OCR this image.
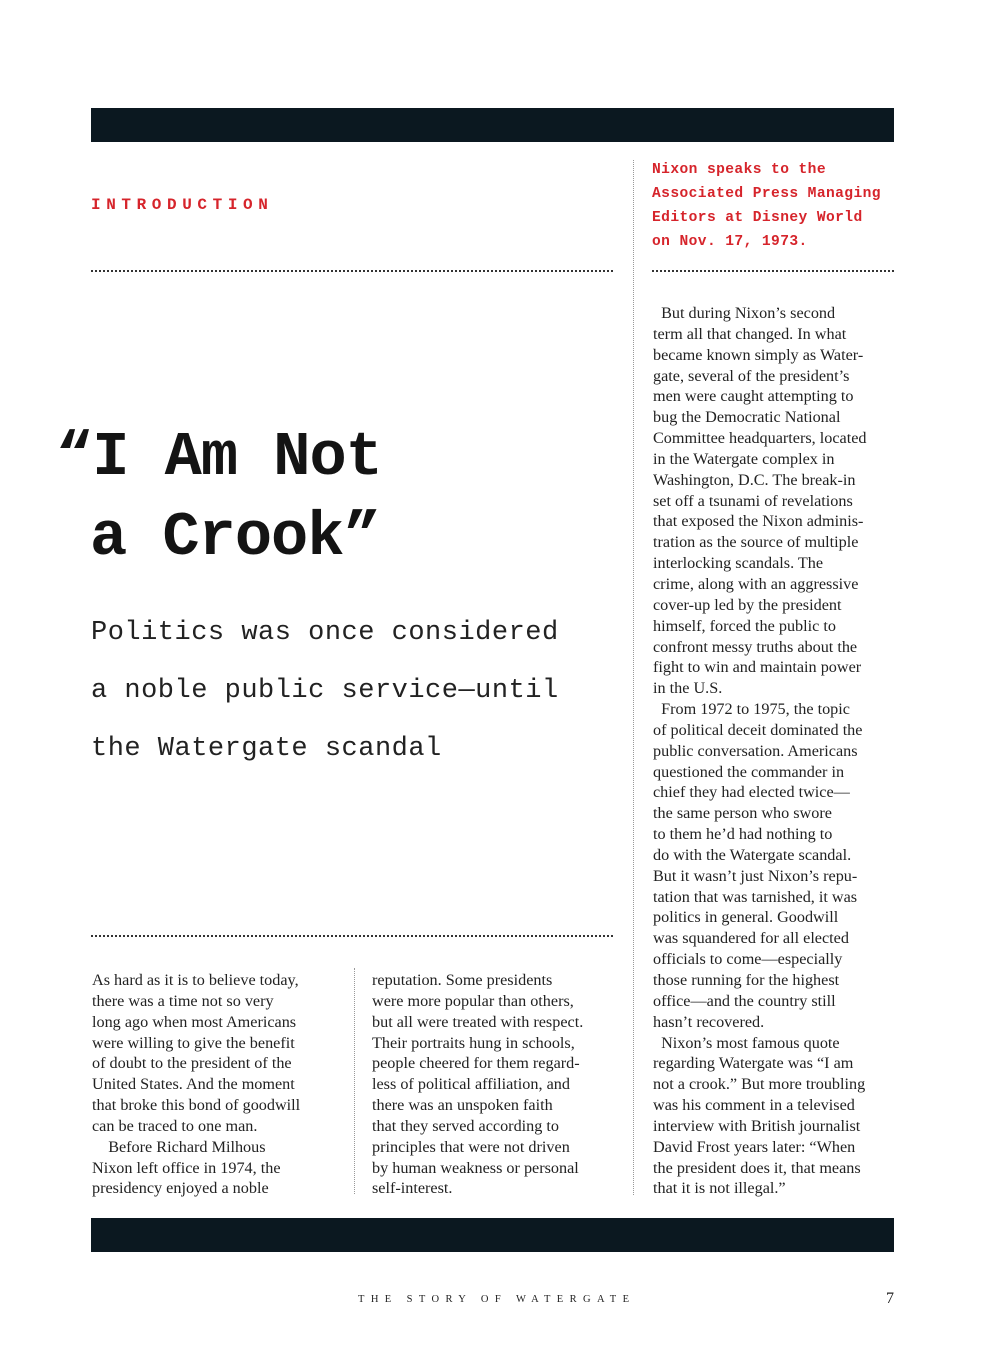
INTRODUCTION
Nixon speaks to the
Associated Press Managing
Editors at Disney World
on Nov. 17, 1973.
“I Am Not
a Crook”
Politics was once considered
a noble public service—until
the Watergate scandal
As hard as it is to believe today,
there was a time not so very
long ago when most Americans
were willing to give the benefit
of doubt to the president of the
United States. And the moment
that broke this bond of goodwill
can be traced to one man.
 Before Richard Milhous
Nixon left office in 1974, the
presidency enjoyed a noble
reputation. Some presidents
were more popular than others,
but all were treated with respect.
Their portraits hung in schools,
people cheered for them regard-
less of political affiliation, and
there was an unspoken faith
that they served according to
principles that were not driven
by human weakness or personal
self-interest.
 But during Nixon’s second
term all that changed. In what
became known simply as Water-
gate, several of the president’s
men were caught attempting to
bug the Democratic National
Committee headquarters, located
in the Watergate complex in
Washington, D.C. The break-in
set off a tsunami of revelations
that exposed the Nixon adminis-
tration as the source of multiple
interlocking scandals. The
crime, along with an aggressive
cover-up led by the president
himself, forced the public to
confront messy truths about the
fight to win and maintain power
in the U.S.
 From 1972 to 1975, the topic
of political deceit dominated the
public conversation. Americans
questioned the commander in
chief they had elected twice—
the same person who swore
to them he’d had nothing to
do with the Watergate scandal.
But it wasn’t just Nixon’s repu-
tation that was tarnished, it was
politics in general. Goodwill
was squandered for all elected
officials to come—especially
those running for the highest
office—and the country still
hasn’t recovered.
 Nixon’s most famous quote
regarding Watergate was “I am
not a crook.” But more troubling
was his comment in a televised
interview with British journalist
David Frost years later: “When
the president does it, that means
that it is not illegal.”
THE STORY OF WATERGATE	7
